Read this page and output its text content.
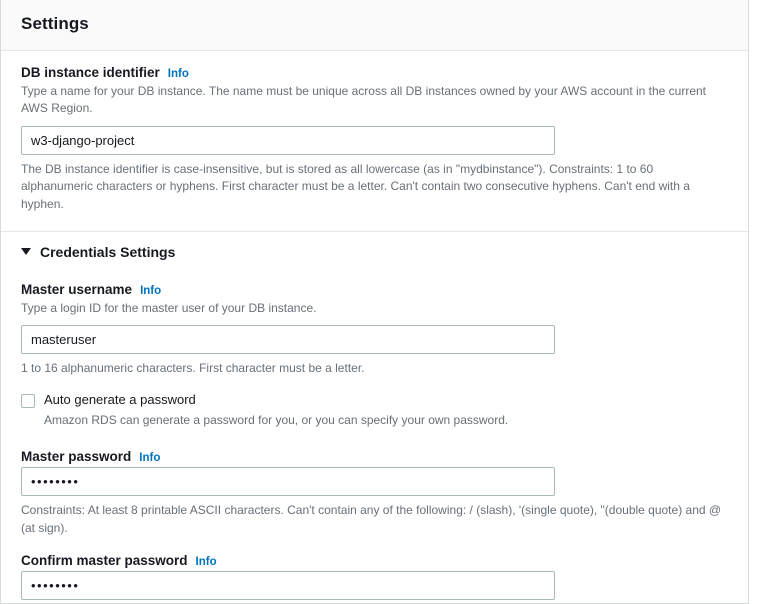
Settings
DB instance identifier Info

Type a name for your DB instance. The name must be unique across all DB instances owned by your AWS account in the current AWS Region.

w3-django-project

The DB instance identifier is case-insensitive, but is stored as all lowercase (as in "mydbinstance"). Constraints: 1 to 60 alphanumeric characters or hyphens. First character must be a letter. Can't contain two consecutive hyphens. Can't end with a hyphen.

Credentials Settings
Master username Info

Type a login ID for the master user of your DB instance.

masteruser

1 to 16 alphanumeric characters. First character must be a letter.

Auto generate a password
Amazon RDS can generate a password for you, or you can specify your own password.
Master password Info
••••••••

Constraints: At least 8 printable ASCII characters. Can't contain any of the following: / (slash), '(single quote), "(double quote) and @ (at sign).

Confirm master password Info
••••••••
